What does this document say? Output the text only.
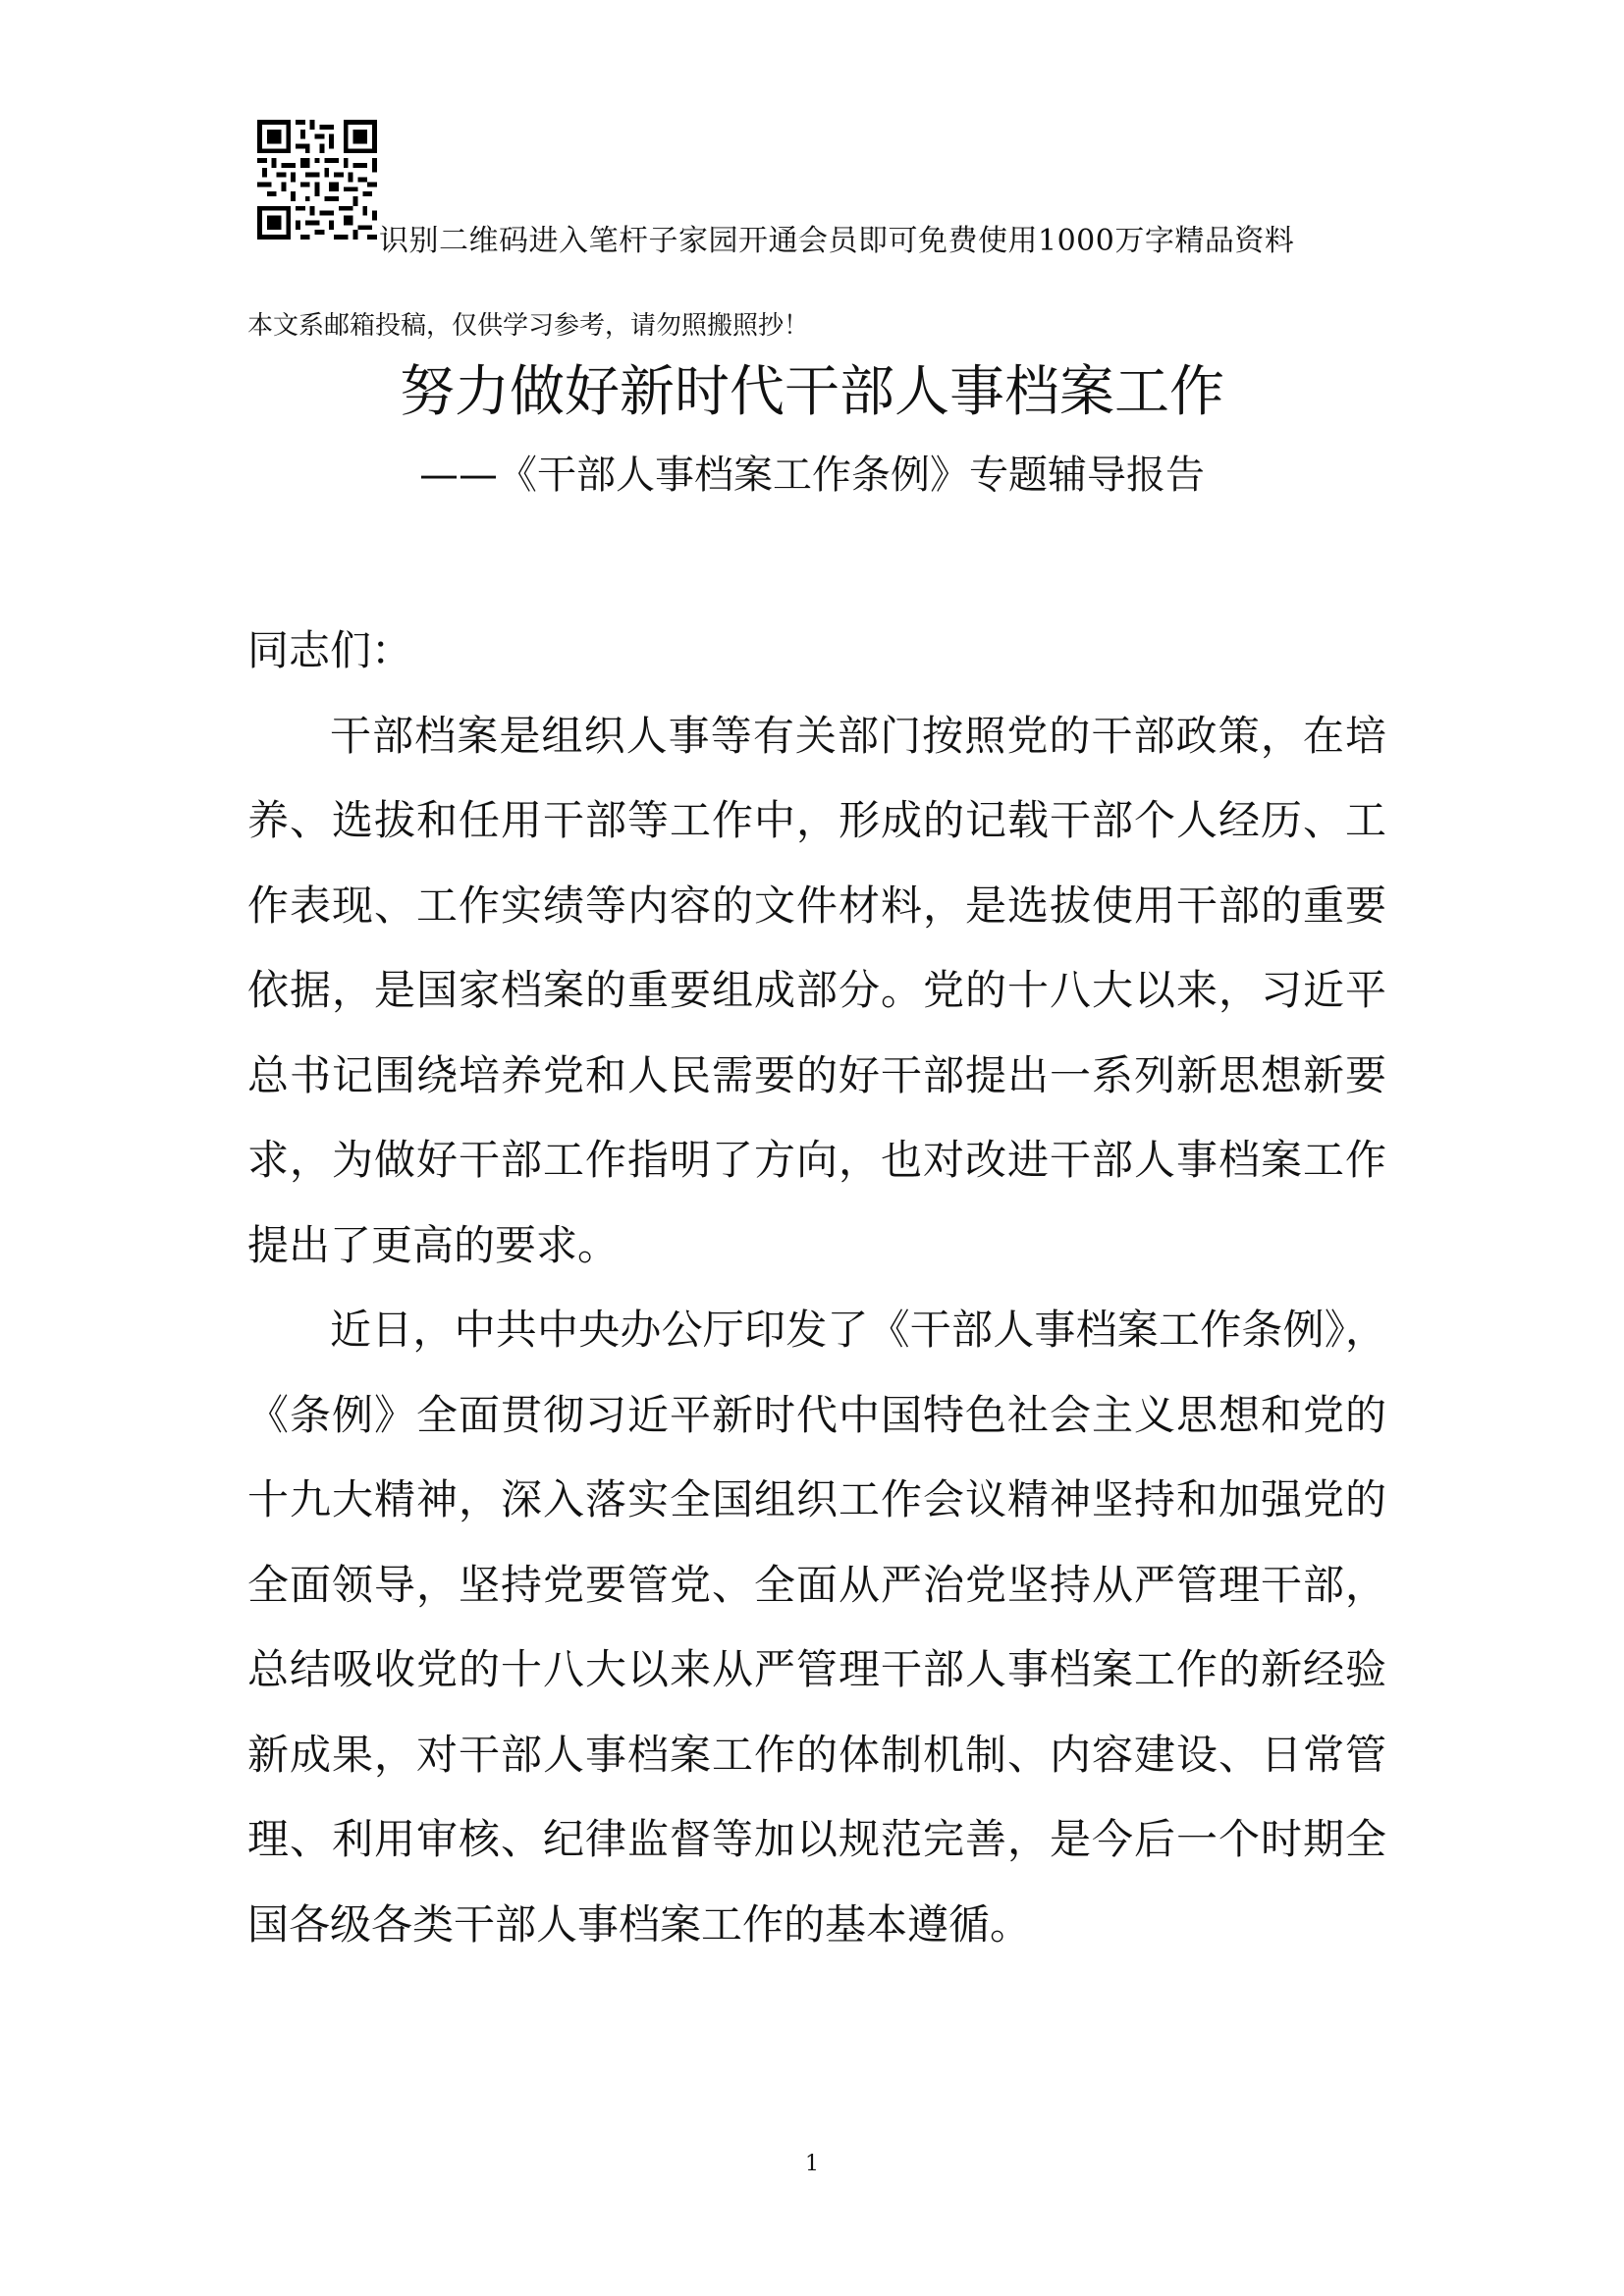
识别二维码进入笔杆子家园开通会员即可免费使用1000万字精品资料
本文系邮箱投稿，仅供学习参考，请勿照搬照抄！
努力做好新时代干部人事档案工作
——《干部人事档案工作条例》专题辅导报告

同志们：

干部档案是组织人事等有关部门按照党的干部政策，在培养、选拔和任用干部等工作中，形成的记载干部个人经历、工作表现、工作实绩等内容的文件材料，是选拔使用干部的重要依据，是国家档案的重要组成部分。党的十八大以来，习近平总书记围绕培养党和人民需要的好干部提出一系列新思想新要求，为做好干部工作指明了方向，也对改进干部人事档案工作提出了更高的要求。

近日，中共中央办公厅印发了《干部人事档案工作条例》，《条例》全面贯彻习近平新时代中国特色社会主义思想和党的十九大精神，深入落实全国组织工作会议精神坚持和加强党的全面领导，坚持党要管党、全面从严治党坚持从严管理干部，总结吸收党的十八大以来从严管理干部人事档案工作的新经验新成果，对干部人事档案工作的体制机制、内容建设、日常管理、利用审核、纪律监督等加以规范完善，是今后一个时期全国各级各类干部人事档案工作的基本遵循。

1
